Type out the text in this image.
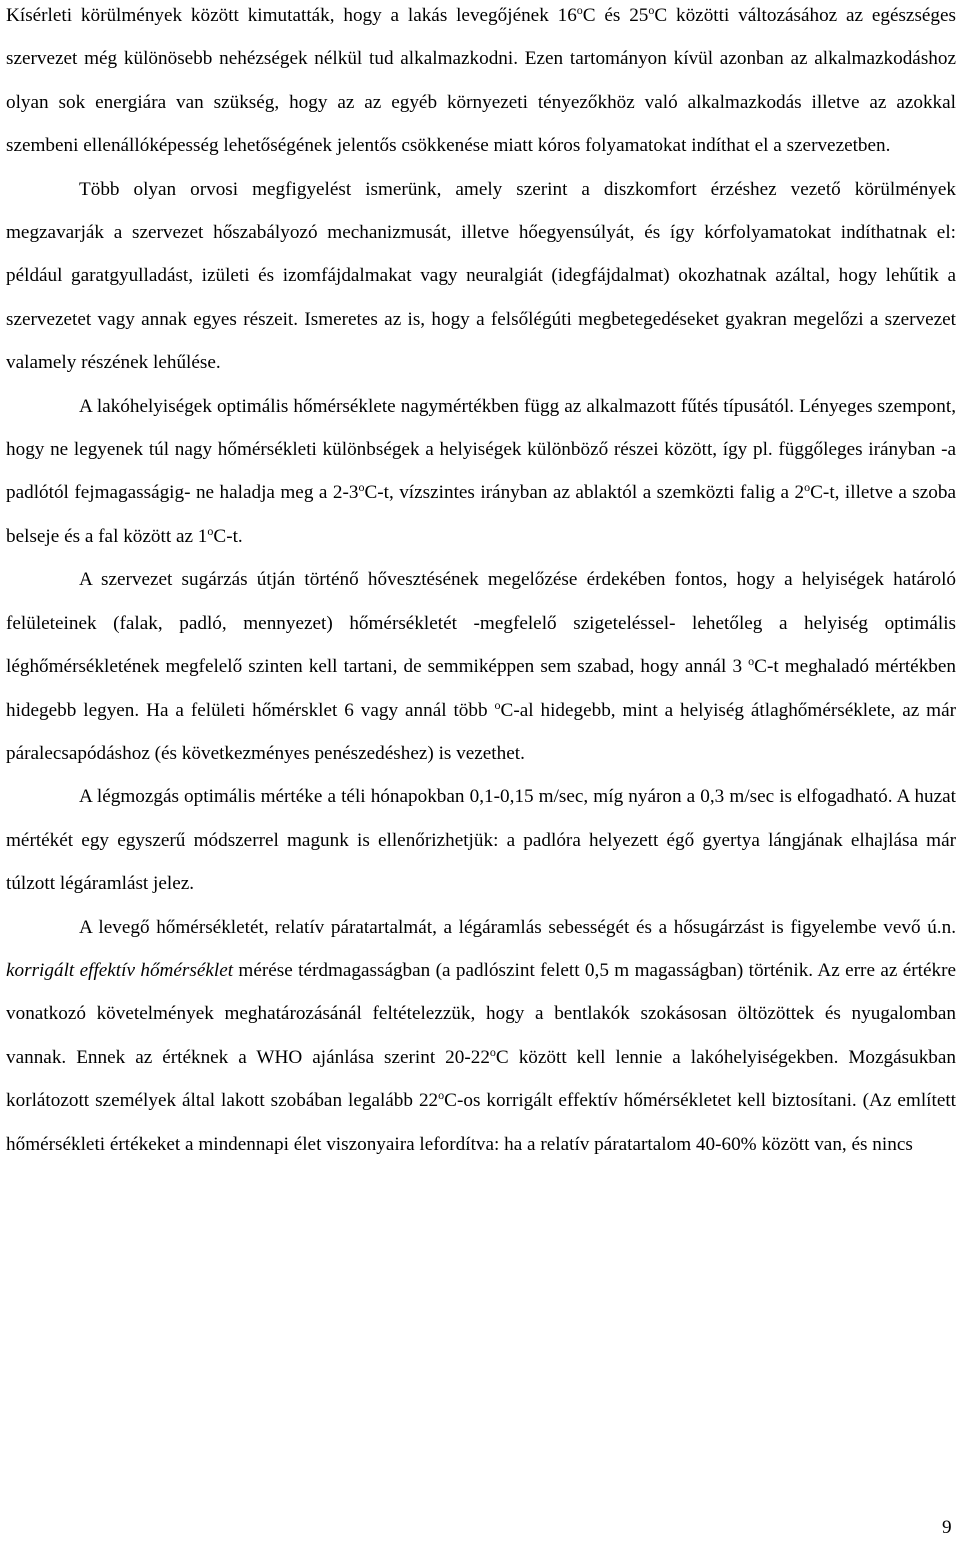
Kísérleti körülmények között kimutatták, hogy a lakás levegőjének 16$^o$C és 25$^o$C közötti változásához az egészséges szervezet még különösebb nehézségek nélkül tud alkalmazkodni. Ezen tartományon kívül azonban az alkalmazkodáshoz olyan sok energiára van szükség, hogy az az egyéb környezeti tényezőkhöz való alkalmazkodás illetve az azokkal szembeni ellenállóképesség lehetőségének jelentős csökkenése miatt kóros folyamatokat indíthat el a szervezetben.

Több olyan orvosi megfigyelést ismerünk, amely szerint a diszkomfort érzéshez vezető körülmények megzavarják a szervezet hőszabályozó mechanizmusát, illetve hőegyensúlyát, és így kórfolyamatokat indíthatnak el: például garatgyulladást, izületi és izomfájdalmakat vagy neuralgiát (idegfájdalmat) okozhatnak azáltal, hogy lehűtik a szervezetet vagy annak egyes részeit. Ismeretes az is, hogy a felsőlégúti megbetegedéseket gyakran megelőzi a szervezet valamely részének lehűlése.

A lakóhelyiségek optimális hőmérséklete nagymértékben függ az alkalmazott fűtés típusától. Lényeges szempont, hogy ne legyenek túl nagy hőmérsékleti különbségek a helyiségek különböző részei között, így pl. függőleges irányban -a padlótól fejmagasságig- ne haladja meg a 2-3$^o$C-t, vízszintes irányban az ablaktól a szemközti falig a 2$^o$C-t, illetve a szoba belseje és a fal között az 1$^o$C-t.

A szervezet sugárzás útján történő hővesztésének megelőzése érdekében fontos, hogy a helyiségek határoló felületeinek (falak, padló, mennyezet) hőmérsékletét -megfelelő szigeteléssel- lehetőleg a helyiség optimális léghőmérsékletének megfelelő szinten kell tartani, de semmiképpen sem szabad, hogy annál 3 $^o$C-t meghaladó mértékben hidegebb legyen. Ha a felületi hőmérsklet 6 vagy annál több $^o$C-al hidegebb, mint a helyiség átlaghőmérséklete, az már páralecsapódáshoz (és következményes penészedéshez) is vezethet.

A légmozgás optimális mértéke a téli hónapokban 0,1-0,15 m/sec, míg nyáron a 0,3 m/sec is elfogadható. A huzat mértékét egy egyszerű módszerrel magunk is ellenőrizhetjük: a padlóra helyezett égő gyertya lángjának elhajlása már túlzott légáramlást jelez.

A levegő hőmérsékletét, relatív páratartalmát, a légáramlás sebességét és a hősugárzást is figyelembe vevő ú.n. korrigált effektív hőmérséklet mérése térdmagasságban (a padlószint felett 0,5 m magasságban) történik. Az erre az értékre vonatkozó követelmények meghatározásánál feltételezzük, hogy a bentlakók szokásosan öltözöttek és nyugalomban vannak. Ennek az értéknek a WHO ajánlása szerint 20-22$^o$C között kell lennie a lakóhelyiségekben. Mozgásukban korlátozott személyek által lakott szobában legalább 22$^o$C-os korrigált effektív hőmérsékletet kell biztosítani. (Az említett hőmérsékleti értékeket a mindennapi élet viszonyaira lefordítva: ha a relatív páratartalom 40-60% között van, és nincs

9
